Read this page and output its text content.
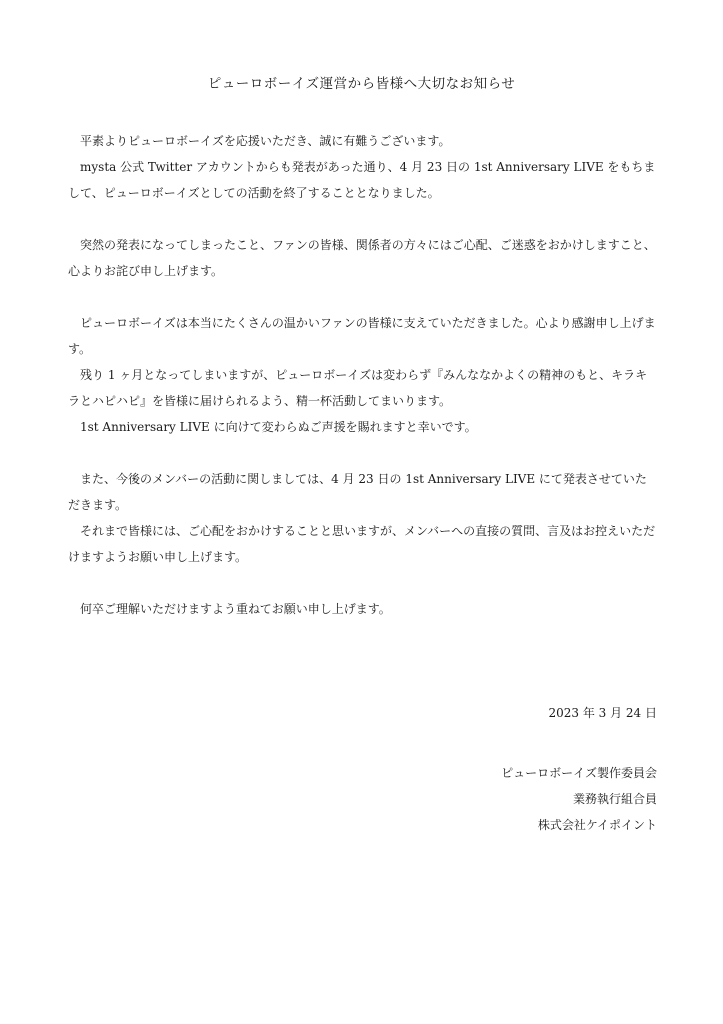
ピューロボーイズ運営から皆様へ大切なお知らせ

平素よりピューロボーイズを応援いただき、誠に有難うございます。

mysta 公式 Twitter アカウントからも発表があった通り、4 月 23 日の 1st Anniversary LIVE をもちまして、ピューロボーイズとしての活動を終了することとなりました。

突然の発表になってしまったこと、ファンの皆様、関係者の方々にはご心配、ご迷惑をおかけしますこと、心よりお詫び申し上げます。

ピューロボーイズは本当にたくさんの温かいファンの皆様に支えていただきました。心より感謝申し上げます。

残り 1 ヶ月となってしまいますが、ピューロボーイズは変わらず『みんななかよくの精神のもと、キラキラとハピハピ』を皆様に届けられるよう、精一杯活動してまいります。

1st Anniversary LIVE に向けて変わらぬご声援を賜れますと幸いです。

また、今後のメンバーの活動に関しましては、4 月 23 日の 1st Anniversary LIVE にて発表させていただきます。

それまで皆様には、ご心配をおかけすることと思いますが、メンバーへの直接の質問、言及はお控えいただけますようお願い申し上げます。

何卒ご理解いただけますよう重ねてお願い申し上げます。

2023 年 3 月 24 日
ピューロボーイズ製作委員会
業務執行組合員
株式会社ケイポイント
